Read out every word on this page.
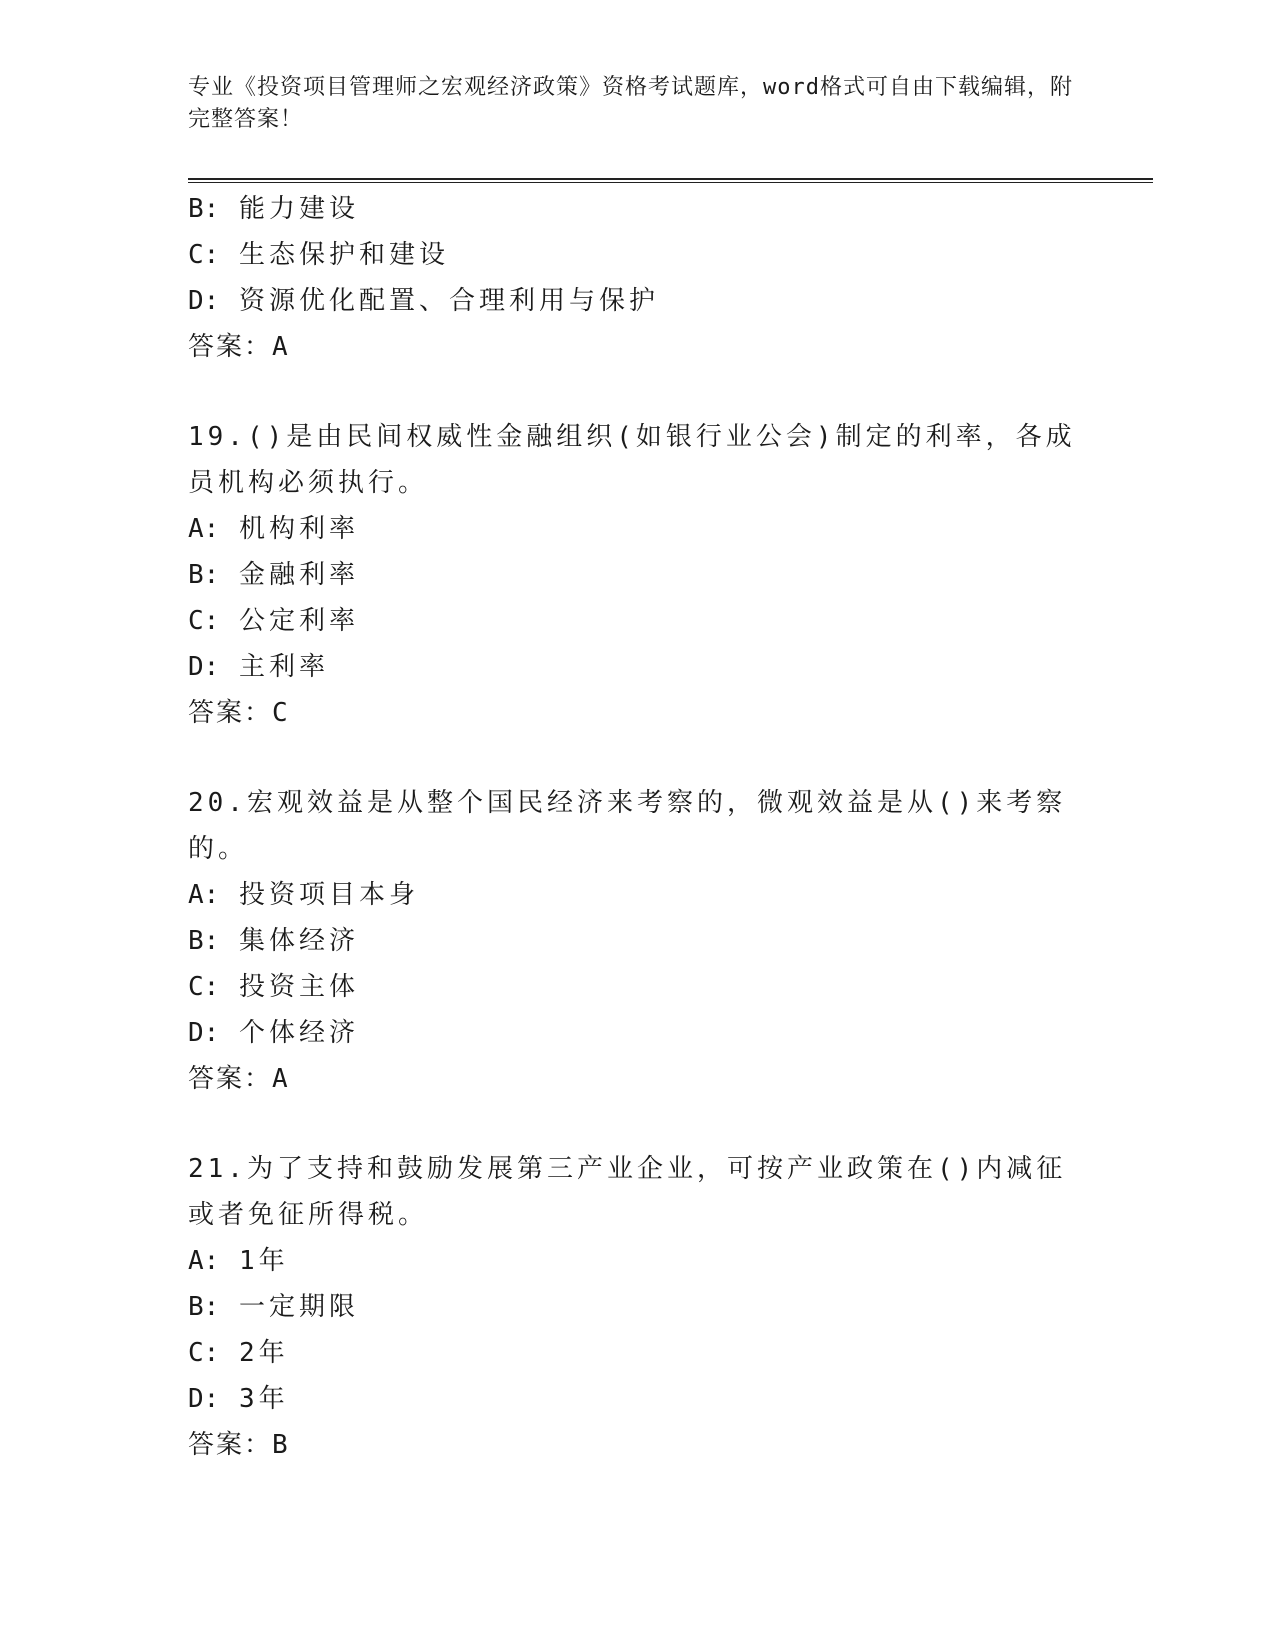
专业《投资项目管理师之宏观经济政策》资格考试题库，word格式可自由下载编辑，附完整答案！

B: 能力建设

C: 生态保护和建设

D: 资源优化配置、合理利用与保护

答案：A

19.()是由民间权威性金融组织(如银行业公会)制定的利率，各成员机构必须执行。

A: 机构利率

B: 金融利率

C: 公定利率

D: 主利率

答案：C

20.宏观效益是从整个国民经济来考察的，微观效益是从()来考察的。

A: 投资项目本身

B: 集体经济

C: 投资主体

D: 个体经济

答案：A

21.为了支持和鼓励发展第三产业企业，可按产业政策在()内减征或者免征所得税。

A: 1年

B: 一定期限

C: 2年

D: 3年

答案：B
